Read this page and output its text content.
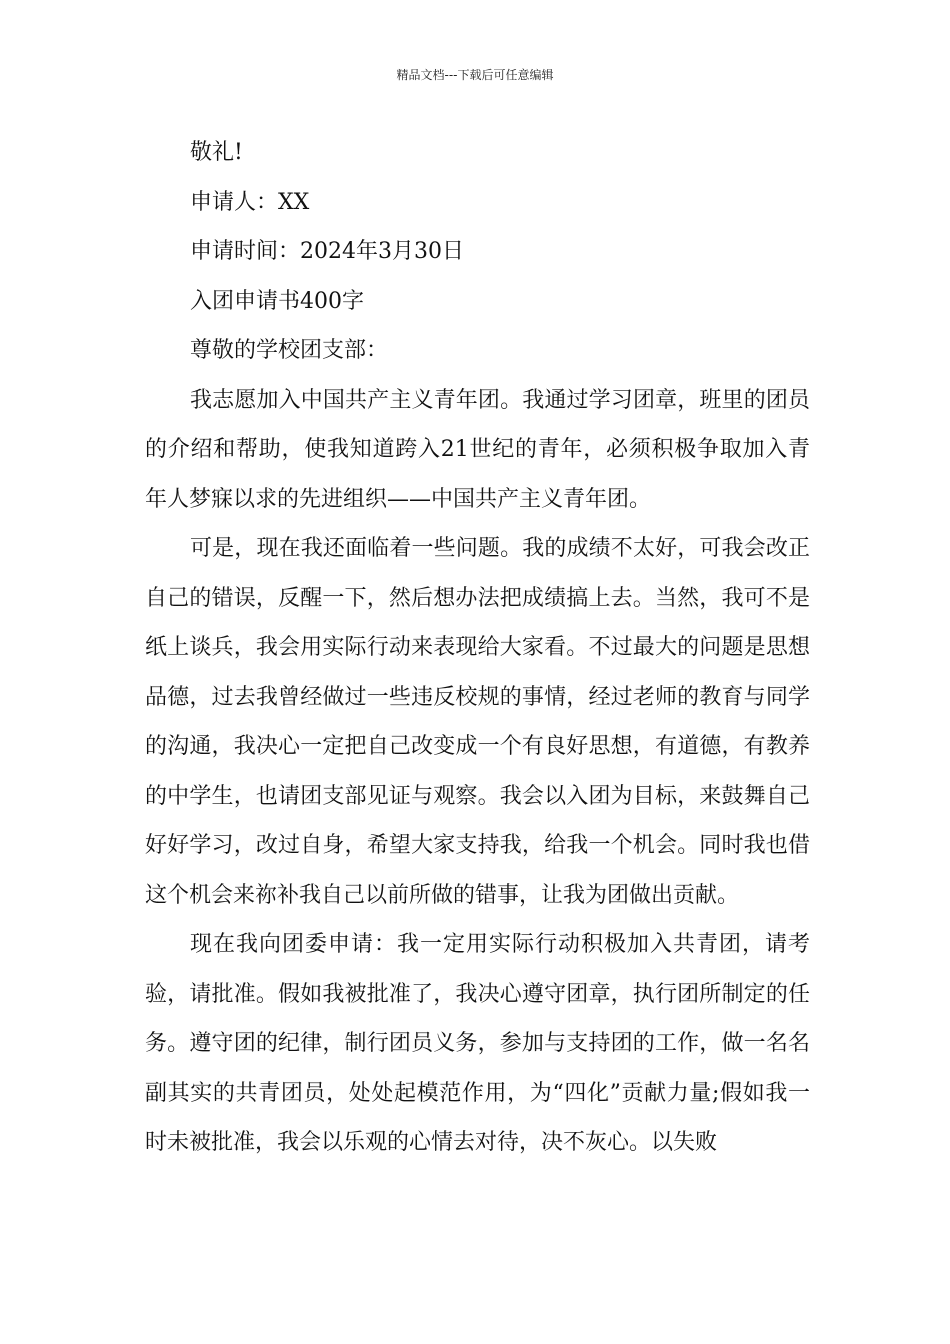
精品文档---下载后可任意编辑

敬礼!

申请人：XX

申请时间：2024年3月30日

入团申请书400字

尊敬的学校团支部：

我志愿加入中国共产主义青年团。我通过学习团章，班里的团员的介绍和帮助，使我知道跨入21世纪的青年，必须积极争取加入青年人梦寐以求的先进组织——中国共产主义青年团。

可是，现在我还面临着一些问题。我的成绩不太好，可我会改正自己的错误，反醒一下，然后想办法把成绩搞上去。当然，我可不是纸上谈兵，我会用实际行动来表现给大家看。不过最大的问题是思想品德，过去我曾经做过一些违反校规的事情，经过老师的教育与同学的沟通，我决心一定把自己改变成一个有良好思想，有道德，有教养的中学生，也请团支部见证与观察。我会以入团为目标，来鼓舞自己好好学习，改过自身，希望大家支持我，给我一个机会。同时我也借这个机会来祢补我自己以前所做的错事，让我为团做出贡献。

现在我向团委申请：我一定用实际行动积极加入共青团，请考验，请批准。假如我被批准了，我决心遵守团章，执行团所制定的任务。遵守团的纪律，制行团员义务，参加与支持团的工作，做一名名副其实的共青团员，处处起模范作用，为“四化”贡献力量;假如我一时未被批准，我会以乐观的心情去对待，决不灰心。以失败
